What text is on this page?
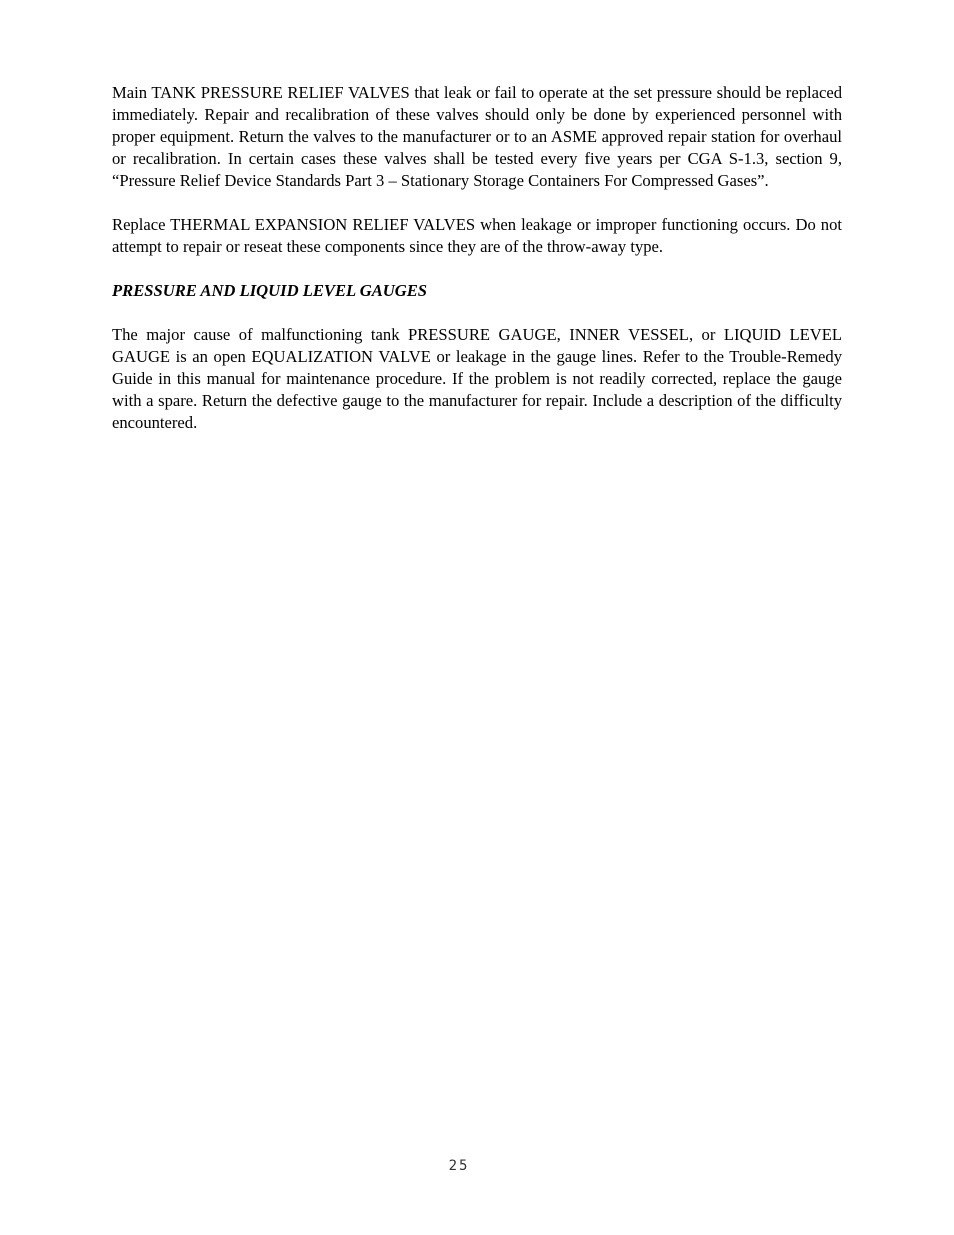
Main TANK PRESSURE RELIEF VALVES that leak or fail to operate at the set pressure should be replaced immediately. Repair and recalibration of these valves should only be done by experienced personnel with proper equipment. Return the valves to the manufacturer or to an ASME approved repair station for overhaul or recalibration. In certain cases these valves shall be tested every five years per CGA S-1.3, section 9, “Pressure Relief Device Standards Part 3 – Stationary Storage Containers For Compressed Gases”.

Replace THERMAL EXPANSION RELIEF VALVES when leakage or improper functioning occurs. Do not attempt to repair or reseat these components since they are of the throw-away type.

PRESSURE AND LIQUID LEVEL GAUGES

The major cause of malfunctioning tank PRESSURE GAUGE, INNER VESSEL, or LIQUID LEVEL GAUGE is an open EQUALIZATION VALVE or leakage in the gauge lines. Refer to the Trouble-Remedy Guide in this manual for maintenance procedure. If the problem is not readily corrected, replace the gauge with a spare. Return the defective gauge to the manufacturer for repair. Include a description of the difficulty encountered.

25
